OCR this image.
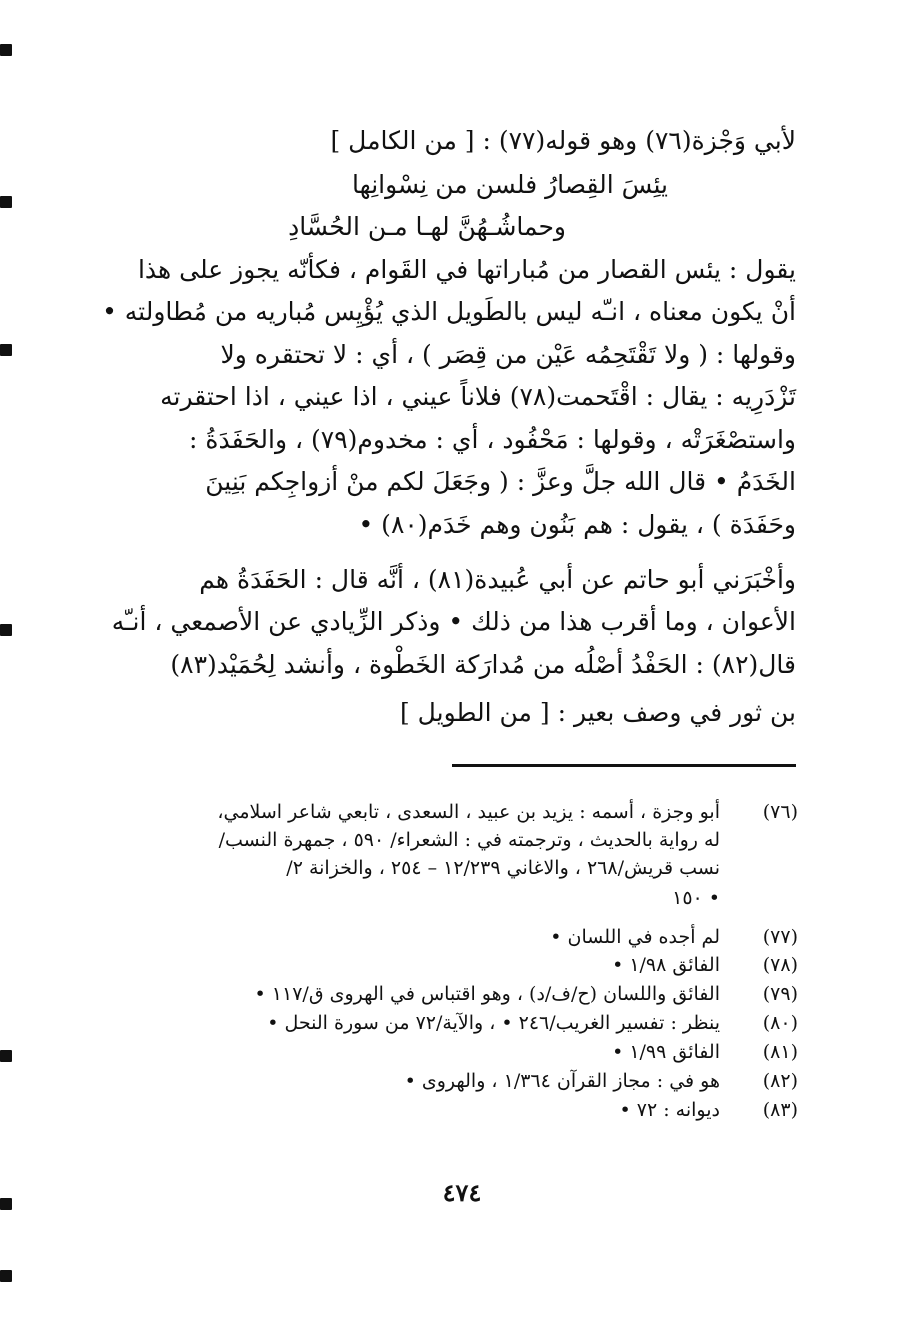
لأبي وَجْزة(٧٦) وهو قوله(٧٧) : [ من الكامل ]
يئِسَ القِصارُ فلسن من نِسْوانِها
وحماشُـهُنَّ لهـا مـن الحُسَّادِ
يقول : يئس القصار من مُباراتها في القَوام ، فكأنّه يجوز على هذا
أنْ يكون معناه ، انـّه ليس بالطَويل الذي يُؤْيِس مُباريه من مُطاولته •
وقولها : ( ولا تَقْتَحِمُه عَيْن من قِصَر ) ، أي : لا تحتقره ولا
تَزْدَرِيه : يقال : اقْتَحمت(٧٨) فلاناً عيني ، اذا عيني ، اذا احتقرته
واستصْغَرَتْه ، وقولها : مَحْفُود ، أي : مخدوم(٧٩) ، والحَفَدَةُ :
الخَدَمُ • قال الله جلَّ وعزَّ : ( وجَعَلَ لكم منْ أزواجِكم بَنِينَ
وحَفَدَة ) ، يقول : هم بَنُون وهم خَدَم(٨٠) •
وأخْبَرَني أبو حاتم عن أبي عُبيدة(٨١) ، أنَّه قال : الحَفَدَةُ هم
الأعوان ، وما أقرب هذا من ذلك • وذكر الزِّيادي عن الأصمعي ، أنـّه
قال(٨٢) : الحَفْدُ أصْلُه من مُدارَكة الخَطْوة ، وأنشد لِحُمَيْد(٨٣)
بن ثور في وصف بعير : [ من الطويل ]
(٧٦)
أبو وجزة ، أسمه : يزيد بن عبيد ، السعدى ، تابعي شاعر اسلامي،
له رواية بالحديث ، وترجمته في : الشعراء/ ٥٩٠ ، جمهرة النسب/
نسب قريش/٢٦٨ ، والاغاني ١٢/٢٣٩ – ٢٥٤ ، والخزانة ٢/
١٥٠ •
(٧٧)
لم أجده في اللسان •
(٧٨)
الفائق ١/٩٨ •
(٧٩)
الفائق واللسان (ح/ف/د) ، وهو اقتباس في الهروى ق/١١٧ •
(٨٠)
ينظر : تفسير الغريب/٢٤٦ • ، والآية/٧٢ من سورة النحل •
(٨١)
الفائق ١/٩٩ •
(٨٢)
هو في : مجاز القرآن ١/٣٦٤ ، والهروى •
(٨٣)
ديوانه : ٧٢ •
٤٧٤
